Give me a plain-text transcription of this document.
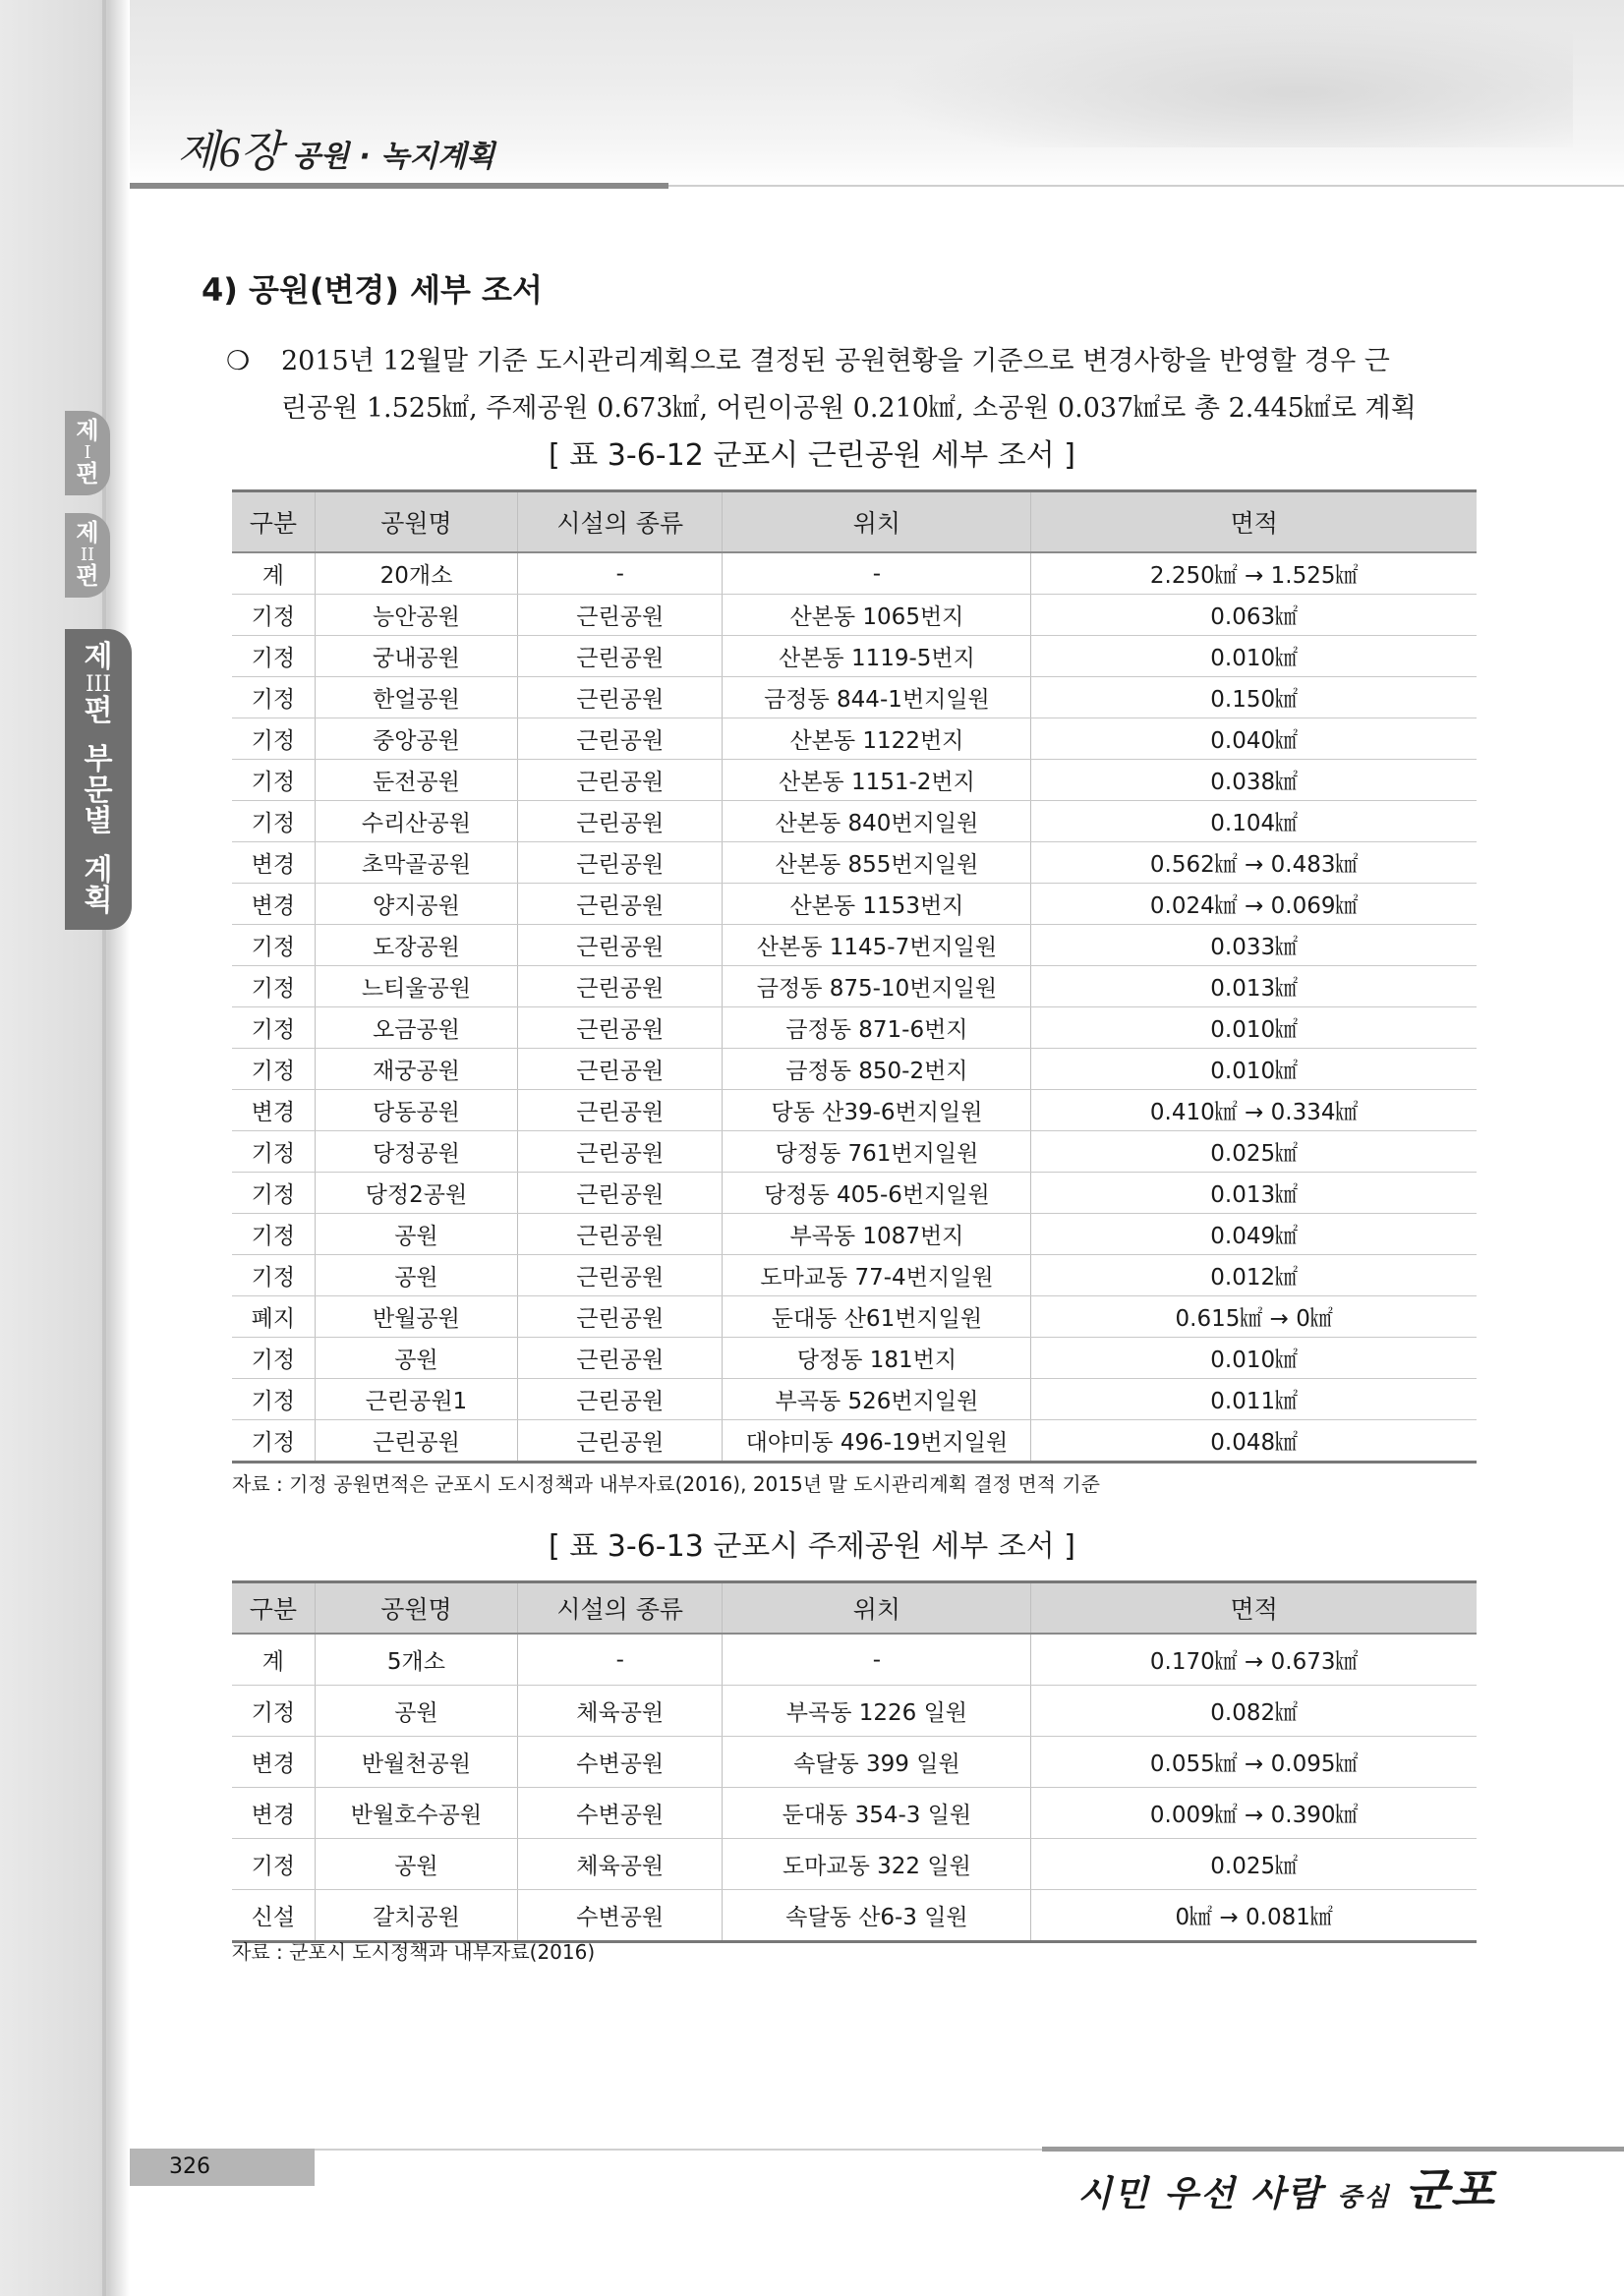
제6장 공원 · 녹지계획
제
I
편
제
II
편
제
III
편
부
문
별
계
획
4) 공원(변경) 세부 조서
❍	2015년 12월말 기준 도시관리계획으로 결정된 공원현황을 기준으로 변경사항을 반영할 경우 근
린공원 1.525㎢, 주제공원 0.673㎢, 어린이공원 0.210㎢, 소공원 0.037㎢로 총 2.445㎢로 계획
[ 표 3-6-12 군포시 근린공원 세부 조서 ]
구분	공원명	시설의 종류	위치	면적
계	20개소	-	-	2.250㎢ → 1.525㎢
기정	능안공원	근린공원	산본동 1065번지	0.063㎢
기정	궁내공원	근린공원	산본동 1119-5번지	0.010㎢
기정	한얼공원	근린공원	금정동 844-1번지일원	0.150㎢
기정	중앙공원	근린공원	산본동 1122번지	0.040㎢
기정	둔전공원	근린공원	산본동 1151-2번지	0.038㎢
기정	수리산공원	근린공원	산본동 840번지일원	0.104㎢
변경	초막골공원	근린공원	산본동 855번지일원	0.562㎢ → 0.483㎢
변경	양지공원	근린공원	산본동 1153번지	0.024㎢ → 0.069㎢
기정	도장공원	근린공원	산본동 1145-7번지일원	0.033㎢
기정	느티울공원	근린공원	금정동 875-10번지일원	0.013㎢
기정	오금공원	근린공원	금정동 871-6번지	0.010㎢
기정	재궁공원	근린공원	금정동 850-2번지	0.010㎢
변경	당동공원	근린공원	당동 산39-6번지일원	0.410㎢ → 0.334㎢
기정	당정공원	근린공원	당정동 761번지일원	0.025㎢
기정	당정2공원	근린공원	당정동 405-6번지일원	0.013㎢
기정	공원	근린공원	부곡동 1087번지	0.049㎢
기정	공원	근린공원	도마교동 77-4번지일원	0.012㎢
폐지	반월공원	근린공원	둔대동 산61번지일원	0.615㎢ → 0㎢
기정	공원	근린공원	당정동 181번지	0.010㎢
기정	근린공원1	근린공원	부곡동 526번지일원	0.011㎢
기정	근린공원	근린공원	대야미동 496-19번지일원	0.048㎢
자료 : 기정 공원면적은 군포시 도시정책과 내부자료(2016), 2015년 말 도시관리계획 결정 면적 기준
[ 표 3-6-13 군포시 주제공원 세부 조서 ]
구분	공원명	시설의 종류	위치	면적
계	5개소	-	-	0.170㎢ → 0.673㎢
기정	공원	체육공원	부곡동 1226 일원	0.082㎢
변경	반월천공원	수변공원	속달동 399 일원	0.055㎢ → 0.095㎢
변경	반월호수공원	수변공원	둔대동 354-3 일원	0.009㎢ → 0.390㎢
기정	공원	체육공원	도마교동 322 일원	0.025㎢
신설	갈치공원	수변공원	속달동 산6-3 일원	0㎢ → 0.081㎢
자료 : 군포시 도시정책과 내부자료(2016)
326
시민 우선 사람 중심 군포
